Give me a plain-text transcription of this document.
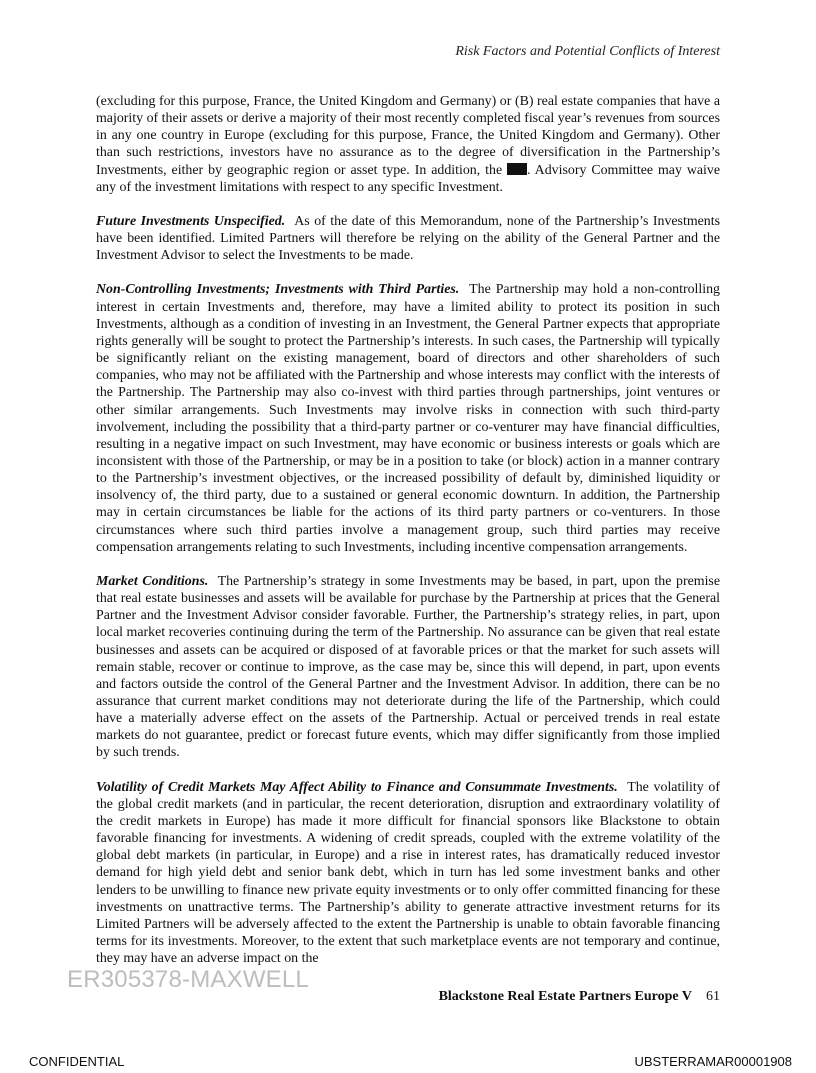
Risk Factors and Potential Conflicts of Interest

(excluding for this purpose, France, the United Kingdom and Germany) or (B) real estate companies that have a majority of their assets or derive a majority of their most recently completed fiscal year’s revenues from sources in any one country in Europe (excluding for this purpose, France, the United Kingdom and Germany). Other than such restrictions, investors have no assurance as to the degree of diversification in the Partnership’s Investments, either by geographic region or asset type. In addition, the . Advisory Committee may waive any of the investment limitations with respect to any specific Investment.

Future Investments Unspecified. As of the date of this Memorandum, none of the Partnership’s Investments have been identified. Limited Partners will therefore be relying on the ability of the General Partner and the Investment Advisor to select the Investments to be made.

Non-Controlling Investments; Investments with Third Parties. The Partnership may hold a non-controlling interest in certain Investments and, therefore, may have a limited ability to protect its position in such Investments, although as a condition of investing in an Investment, the General Partner expects that appropriate rights generally will be sought to protect the Partnership’s interests. In such cases, the Partnership will typically be significantly reliant on the existing management, board of directors and other shareholders of such companies, who may not be affiliated with the Partnership and whose interests may conflict with the interests of the Partnership. The Partnership may also co-invest with third parties through partnerships, joint ventures or other similar arrangements. Such Investments may involve risks in connection with such third-party involvement, including the possibility that a third-party partner or co-venturer may have financial difficulties, resulting in a negative impact on such Investment, may have economic or business interests or goals which are inconsistent with those of the Partnership, or may be in a position to take (or block) action in a manner contrary to the Partnership’s investment objectives, or the increased possibility of default by, diminished liquidity or insolvency of, the third party, due to a sustained or general economic downturn. In addition, the Partnership may in certain circumstances be liable for the actions of its third party partners or co-venturers. In those circumstances where such third parties involve a management group, such third parties may receive compensation arrangements relating to such Investments, including incentive compensation arrangements.

Market Conditions. The Partnership’s strategy in some Investments may be based, in part, upon the premise that real estate businesses and assets will be available for purchase by the Partnership at prices that the General Partner and the Investment Advisor consider favorable. Further, the Partnership’s strategy relies, in part, upon local market recoveries continuing during the term of the Partnership. No assurance can be given that real estate businesses and assets can be acquired or disposed of at favorable prices or that the market for such assets will remain stable, recover or continue to improve, as the case may be, since this will depend, in part, upon events and factors outside the control of the General Partner and the Investment Advisor. In addition, there can be no assurance that current market conditions may not deteriorate during the life of the Partnership, which could have a materially adverse effect on the assets of the Partnership. Actual or perceived trends in real estate markets do not guarantee, predict or forecast future events, which may differ significantly from those implied by such trends.

Volatility of Credit Markets May Affect Ability to Finance and Consummate Investments. The volatility of the global credit markets (and in particular, the recent deterioration, disruption and extraordinary volatility of the credit markets in Europe) has made it more difficult for financial sponsors like Blackstone to obtain favorable financing for investments. A widening of credit spreads, coupled with the extreme volatility of the global debt markets (in particular, in Europe) and a rise in interest rates, has dramatically reduced investor demand for high yield debt and senior bank debt, which in turn has led some investment banks and other lenders to be unwilling to finance new private equity investments or to only offer committed financing for these investments on unattractive terms. The Partnership’s ability to generate attractive investment returns for its Limited Partners will be adversely affected to the extent the Partnership is unable to obtain favorable financing terms for its investments. Moreover, to the extent that such marketplace events are not temporary and continue, they may have an adverse impact on the

ER305378-MAXWELL
Blackstone Real Estate Partners Europe V 61
CONFIDENTIAL	UBSTERRAMAR00001908
